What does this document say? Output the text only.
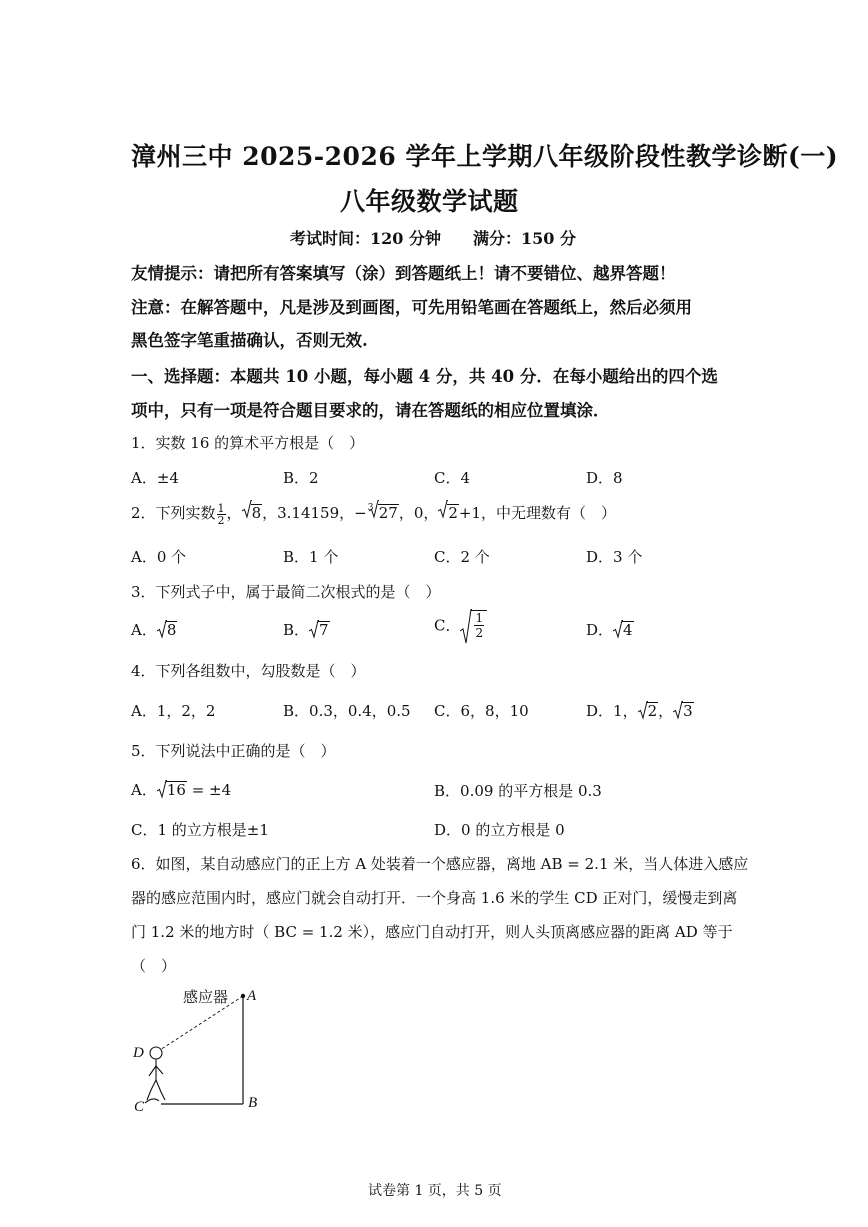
漳州三中 2025-2026 学年上学期八年级阶段性教学诊断(一)
八年级数学试题
考试时间：120 分钟　　满分：150 分
友情提示：请把所有答案填写（涂）到答题纸上！请不要错位、越界答题！
注意：在解答题中，凡是涉及到画图，可先用铅笔画在答题纸上，然后必须用
黑色签字笔重描确认，否则无效.
一、选择题：本题共 10 小题，每小题 4 分，共 40 分．在每小题给出的四个选
项中，只有一项是符合题目要求的，请在答题纸的相应位置填涂．
1．实数 16 的算术平方根是（　）
A．±4	B．2	C．4	D．8
2．下列实数 $\frac{1}{2}$ ， 8，3.14159，− 3 27，0， 2+1，中无理数有（　）
A．0 个	B．1 个	C．2 个	D．3 个
3．下列式子中，属于最简二次根式的是（　）
A． 8	B． 7	C． $\frac{1}{2}$	D． 4
4．下列各组数中，勾股数是（　）
A．1，2，2	B．0.3，0.4，0.5 C．6，8，10	D．1， 2， 3
5．下列说法中正确的是（　）
A． 16 = ±4	B．0.09 的平方根是 0.3
C．1 的立方根是±1	D．0 的立方根是 0
6．如图，某自动感应门的正上方 A 处装着一个感应器，离地 AB = 2.1 米，当人体进入感应
器的感应范围内时，感应门就会自动打开．一个身高 1.6 米的学生 CD 正对门，缓慢走到离
门 1.2 米的地方时（ BC = 1.2 米），感应门自动打开，则人头顶离感应器的距离 AD 等于
（　）
感应器 A
D
C	B
试卷第 1 页，共 5 页
